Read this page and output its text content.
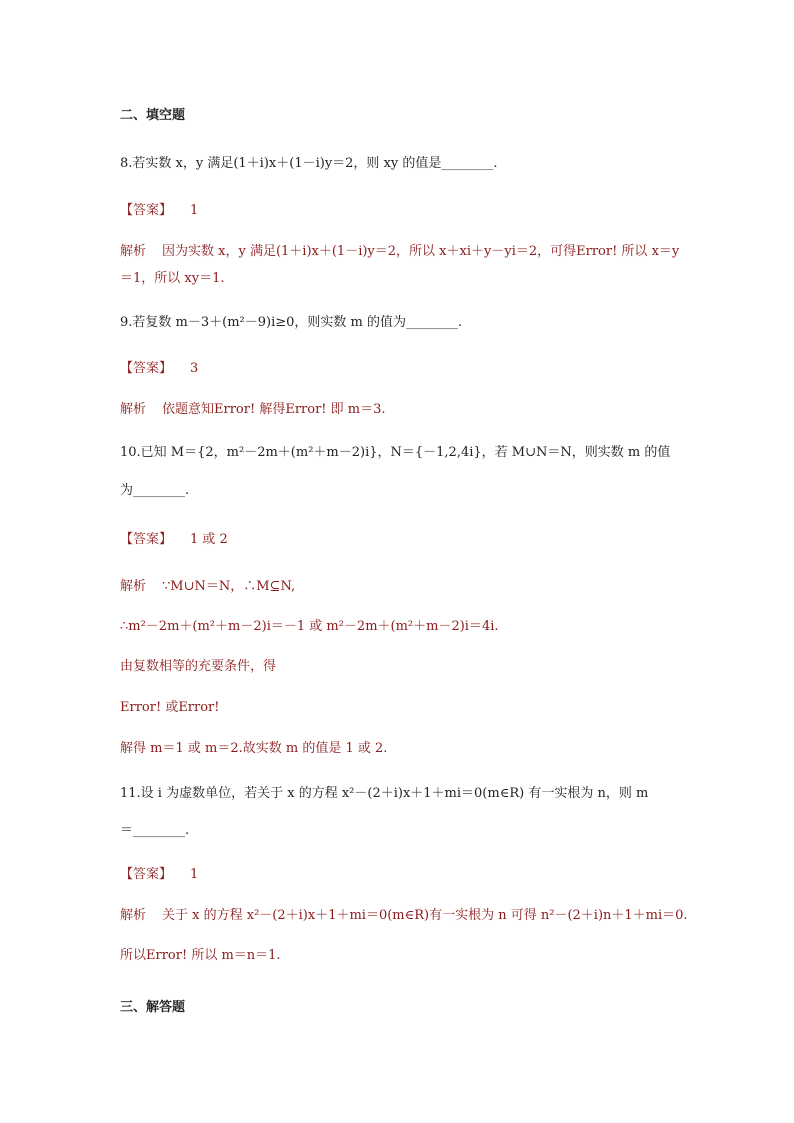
二、填空题
8.若实数 x，y 满足(1＋i)x＋(1－i)y＝2，则 xy 的值是________.
【答案】 1
解析 因为实数 x，y 满足(1＋i)x＋(1－i)y＝2，所以 x＋xi＋y－yi＝2，可得Error! 所以 x＝y
＝1，所以 xy＝1.
9.若复数 m－3＋(m²－9)i≥0，则实数 m 的值为________.
【答案】 3
解析 依题意知Error! 解得Error! 即 m＝3.
10.已知 M＝{2，m²－2m＋(m²＋m－2)i}，N＝{－1,2,4i}，若 M∪N＝N，则实数 m 的值
为________.
【答案】 1 或 2
解析 ∵M∪N＝N，∴M⊆N,
∴m²－2m＋(m²＋m－2)i＝－1 或 m²－2m＋(m²＋m－2)i＝4i.
由复数相等的充要条件，得
Error! 或Error!
解得 m＝1 或 m＝2.故实数 m 的值是 1 或 2.
11.设 i 为虚数单位，若关于 x 的方程 x²－(2＋i)x＋1＋mi＝0(m∈R) 有一实根为 n，则 m
＝________.
【答案】 1
解析 关于 x 的方程 x²－(2＋i)x＋1＋mi＝0(m∈R)有一实根为 n 可得 n²－(2＋i)n＋1＋mi＝0.
所以Error! 所以 m＝n＝1.
三、解答题
